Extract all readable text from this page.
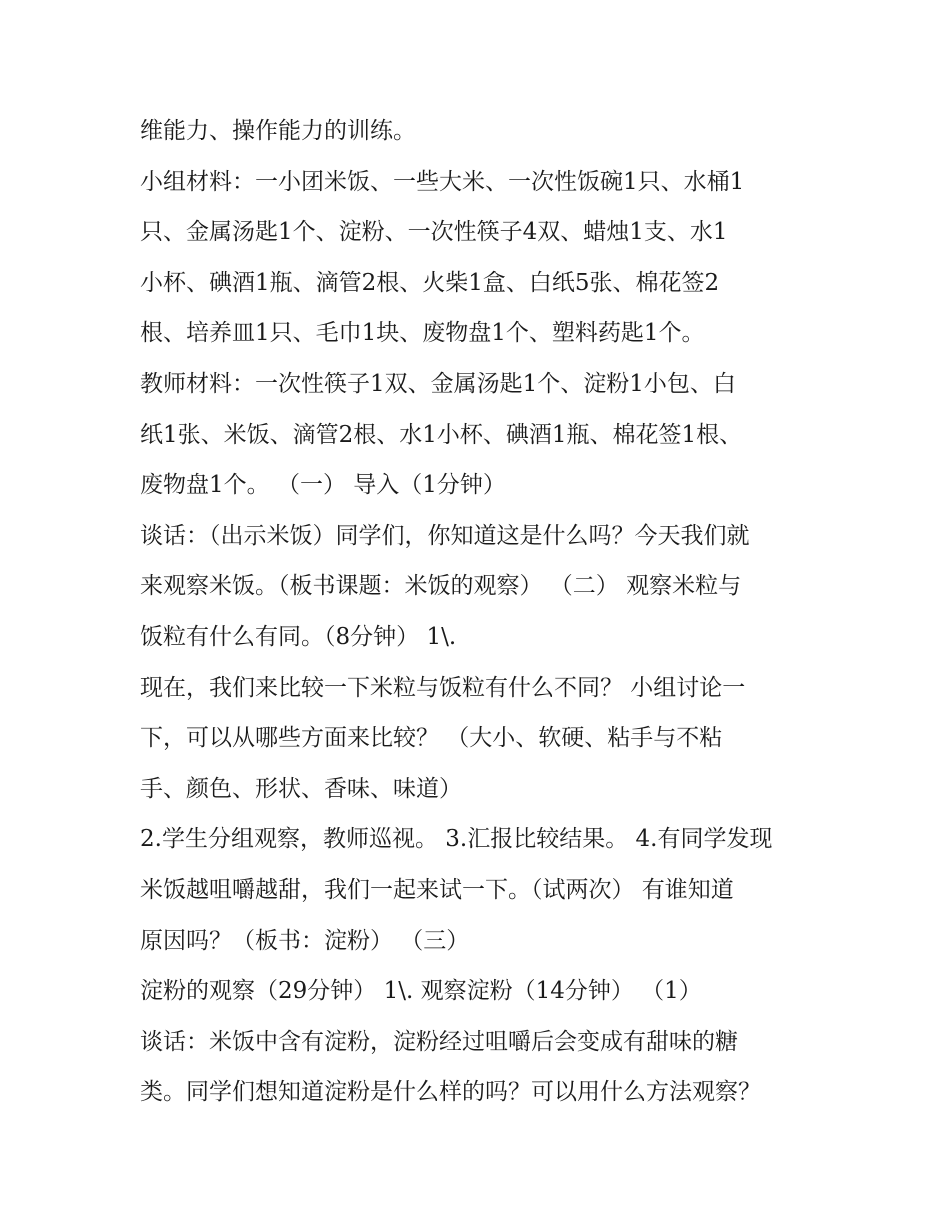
维能力、操作能力的训练。
小组材料：一小团米饭、一些大米、一次性饭碗1只、水桶1
只、金属汤匙1个、淀粉、一次性筷子4双、蜡烛1支、水1
小杯、碘酒1瓶、滴管2根、火柴1盒、白纸5张、棉花签2
根、培养皿1只、毛巾1块、废物盘1个、塑料药匙1个。
教师材料：一次性筷子1双、金属汤匙1个、淀粉1小包、白
纸1张、米饭、滴管2根、水1小杯、碘酒1瓶、棉花签1根、
废物盘1个。 （一） 导入（1分钟）
谈话：（出示米饭）同学们，你知道这是什么吗？今天我们就
来观察米饭。（板书课题：米饭的观察） （二） 观察米粒与
饭粒有什么有同。（8分钟） 1\.
现在，我们来比较一下米粒与饭粒有什么不同？ 小组讨论一
下，可以从哪些方面来比较？ （大小、软硬、粘手与不粘
手、颜色、形状、香味、味道）
2.学生分组观察，教师巡视。 3.汇报比较结果。 4.有同学发现
米饭越咀嚼越甜，我们一起来试一下。（试两次） 有谁知道
原因吗？（板书：淀粉） （三）
淀粉的观察（29分钟） 1\. 观察淀粉（14分钟） （1）
谈话：米饭中含有淀粉，淀粉经过咀嚼后会变成有甜味的糖
类。同学们想知道淀粉是什么样的吗？可以用什么方法观察？
